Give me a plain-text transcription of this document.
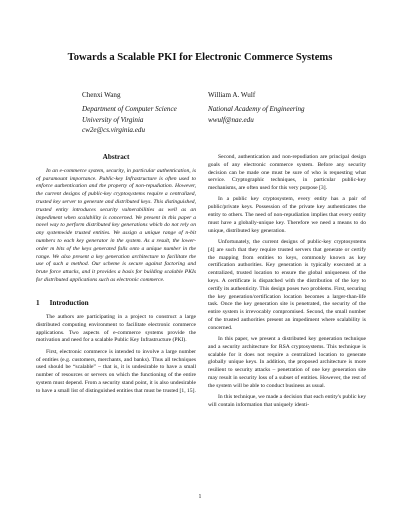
Towards a Scalable PKI for Electronic Commerce Systems
Chenxi Wang
Department of Computer Science
University of Virginia
cw2e@cs.virginia.edu
William A. Wulf
National Academy of Engineering
wwulf@nae.edu
Abstract

In an e-commerce system, security, in particular authentication, is of paramount importance. Public-key Infrastructure is often used to enforce authentication and the property of non-repudiation. However, the current designs of public-key cryptosystems require a centralized, trusted key server to generate and distributed keys. This distinguished, trusted entity introduces security vulnerabilities as well as an impediment when scalability is concerned. We present in this paper a novel way to perform distributed key generations which do not rely on any systemwide trusted entities. We assign a unique range of n-bit numbers to each key generator in the system. As a result, the lower-order m bits of the keys generated falls onto a unique number in the range. We also present a key generation architecture to facilitate the use of such a method. Our scheme is secure against factoring and brute force attacks, and it provides a basis for building scalable PKIs for distributed applications such as electronic commerce.

1 Introduction

The authors are participating in a project to construct a large distributed computing environment to facilitate electronic commerce applications. Two aspects of e-commerce systems provide the motivation and need for a scalable Public Key Infrastructure (PKI).

First, electronic commerce is intended to involve a large number of entities (e.g. customers, merchants, and banks). Thus all techniques used should be “scalable” – that is, it is undesirable to have a small number of resources or servers on which the functioning of the entire system must depend. From a security stand point, it is also undesirable to have a small list of distinguished entities that must be trusted [1, 15].

Second, authentication and non-repudiation are principal design goals of any electronic commerce system. Before any security decision can be made one must be sure of who is requesting what service. Cryptographic techniques, in particular public-key mechanisms, are often used for this very purpose [3].

In a public key cryptosystem, every entity has a pair of public/private keys. Possession of the private key authenticates the entity to others. The need of non-repudiation implies that every entity must have a globally-unique key. Therefore we need a means to do unique, distributed key generation.

Unfortunately, the current designs of public-key cryptosystems [4] are such that they require trusted servers that generate or certify the mapping from entities to keys, commonly known as key certification authorities. Key generation is typically executed at a centralized, trusted location to ensure the global uniqueness of the keys. A certificate is dispatched with the distribution of the key to certify its authenticity. This design poses two problems. First, securing the key generation/certification location becomes a larger-than-life task. Once the key generation site is penetrated, the security of the entire system is irrevocably compromised. Second, the small number of the trusted authorities present an impediment where scalability is concerned.

In this paper, we present a distributed key generation technique and a security architecture for RSA cryptosystems. This technique is scalable for it does not require a centralized location to generate globally unique keys. In addition, the proposed architecture is more resilient to security attacks – penetration of one key generation site may result in security loss of a subset of entities. However, the rest of the system will be able to conduct business as usual.

In this technique, we made a decision that each entity's public key will contain information that uniquely identi-

1
